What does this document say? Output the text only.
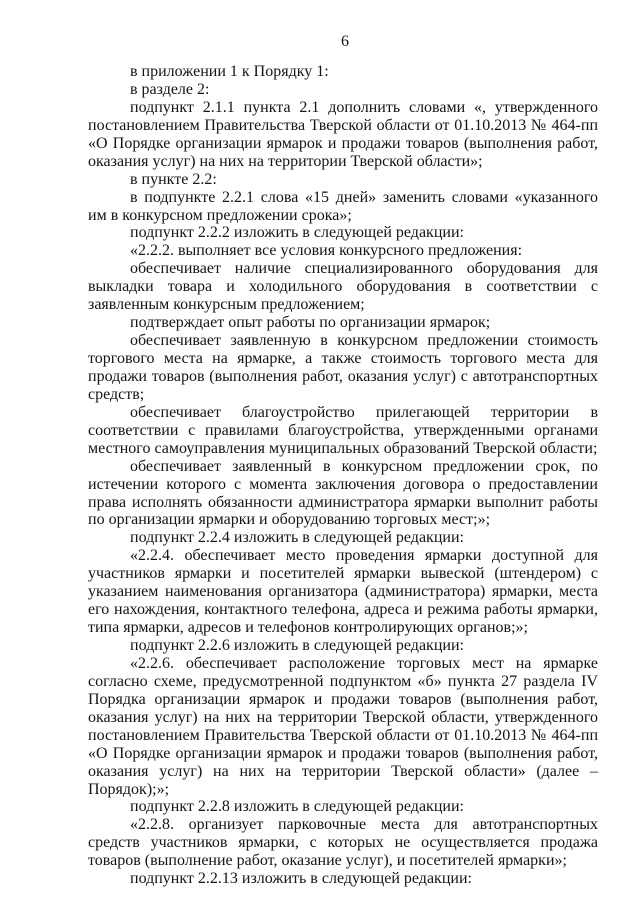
6

в приложении 1 к Порядку 1:

в разделе 2:

подпункт 2.1.1 пункта 2.1 дополнить словами «, утвержденного постановлением Правительства Тверской области от 01.10.2013 № 464-пп «О Порядке организации ярмарок и продажи товаров (выполнения работ, оказания услуг) на них на территории Тверской области»;

в пункте 2.2:

в подпункте 2.2.1 слова «15 дней» заменить словами «указанного им в конкурсном предложении срока»;

подпункт 2.2.2 изложить в следующей редакции:

«2.2.2. выполняет все условия конкурсного предложения:

обеспечивает наличие специализированного оборудования для выкладки товара и холодильного оборудования в соответствии с заявленным конкурсным предложением;

подтверждает опыт работы по организации ярмарок;

обеспечивает заявленную в конкурсном предложении стоимость торгового места на ярмарке, а также стоимость торгового места для продажи товаров (выполнения работ, оказания услуг) с автотранспортных средств;

обеспечивает благоустройство прилегающей территории в соответствии с правилами благоустройства, утвержденными органами местного самоуправления муниципальных образований Тверской области;

обеспечивает заявленный в конкурсном предложении срок, по истечении которого с момента заключения договора о предоставлении права исполнять обязанности администратора ярмарки выполнит работы по организации ярмарки и оборудованию торговых мест;»;

подпункт 2.2.4 изложить в следующей редакции:

«2.2.4. обеспечивает место проведения ярмарки доступной для участников ярмарки и посетителей ярмарки вывеской (штендером) с указанием наименования организатора (администратора) ярмарки, места его нахождения, контактного телефона, адреса и режима работы ярмарки, типа ярмарки, адресов и телефонов контролирующих органов;»;

подпункт 2.2.6 изложить в следующей редакции:

«2.2.6. обеспечивает расположение торговых мест на ярмарке согласно схеме, предусмотренной подпунктом «б» пункта 27 раздела IV Порядка организации ярмарок и продажи товаров (выполнения работ, оказания услуг) на них на территории Тверской области, утвержденного постановлением Правительства Тверской области от 01.10.2013 № 464-пп «О Порядке организации ярмарок и продажи товаров (выполнения работ, оказания услуг) на них на территории Тверской области» (далее – Порядок);»;

подпункт 2.2.8 изложить в следующей редакции:

«2.2.8. организует парковочные места для автотранспортных средств участников ярмарки, с которых не осуществляется продажа товаров (выполнение работ, оказание услуг), и посетителей ярмарки»;

подпункт 2.2.13 изложить в следующей редакции:
